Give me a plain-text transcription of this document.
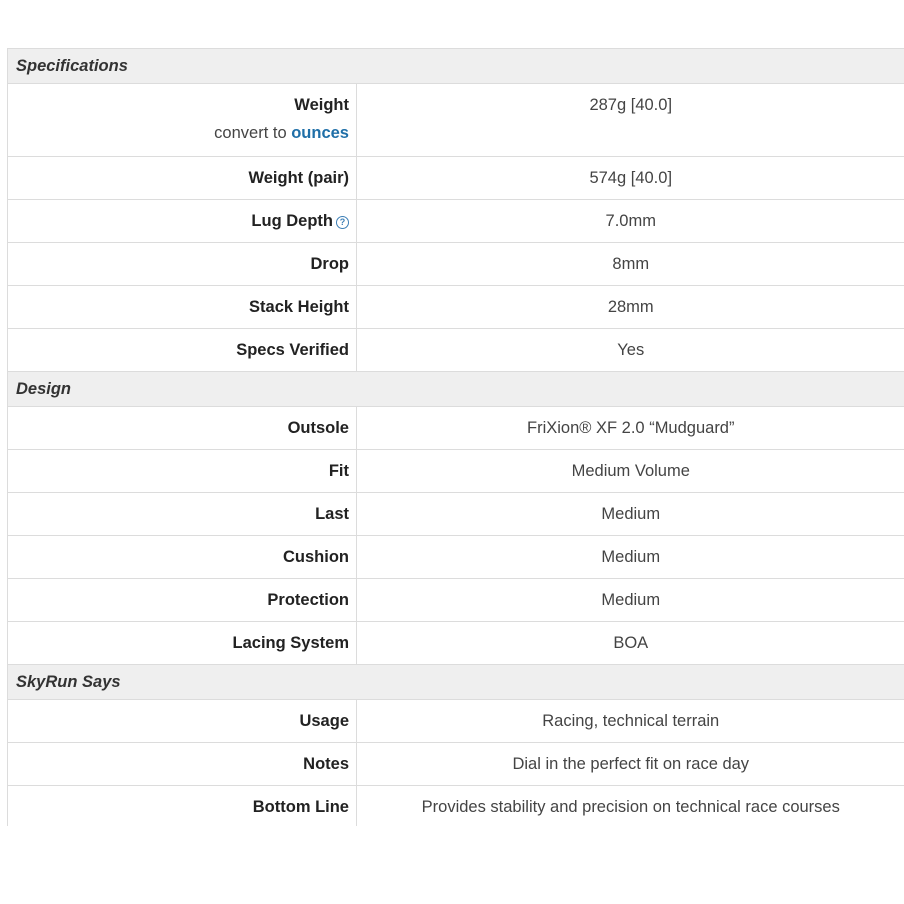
Specifications	
Weight
convert to ounces	287g [40.0]
Weight (pair)	574g [40.0]
Lug Depth ?	7.0mm
Drop	8mm
Stack Height	28mm
Specs Verified	Yes
Design	
Outsole	FriXion® XF 2.0 “Mudguard”
Fit	Medium Volume
Last	Medium
Cushion	Medium
Protection	Medium
Lacing System	BOA
SkyRun Says	
Usage	Racing, technical terrain
Notes	Dial in the perfect fit on race day
Bottom Line	Provides stability and precision on technical race courses
